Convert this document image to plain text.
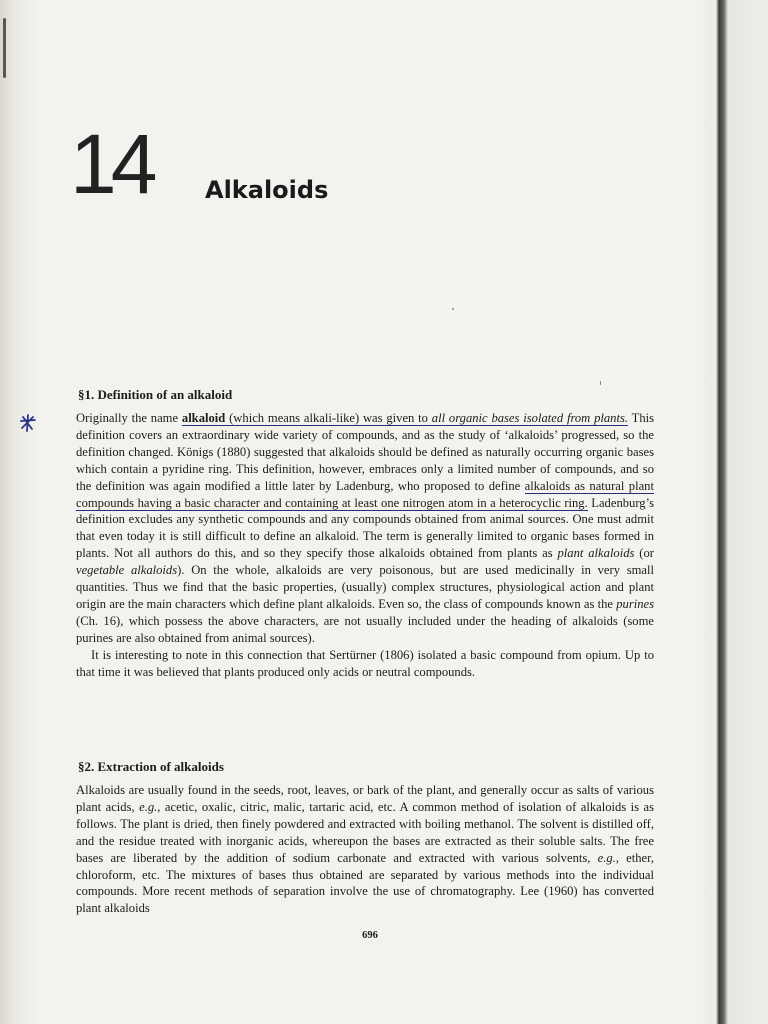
14 Alkaloids
§1. Definition of an alkaloid

Originally the name alkaloid (which means alkali-like) was given to all organic bases isolated from plants. This definition covers an extraordinary wide variety of compounds, and as the study of ‘alkaloids’ progressed, so the definition changed. Königs (1880) suggested that alkaloids should be defined as naturally occurring organic bases which contain a pyridine ring. This definition, however, embraces only a limited number of compounds, and so the definition was again modified a little later by Ladenburg, who proposed to define alkaloids as natural plant compounds having a basic character and containing at least one nitrogen atom in a heterocyclic ring. Ladenburg’s definition excludes any synthetic compounds and any compounds obtained from animal sources. One must admit that even today it is still difficult to define an alkaloid. The term is generally limited to organic bases formed in plants. Not all authors do this, and so they specify those alkaloids obtained from plants as plant alkaloids (or vegetable alkaloids). On the whole, alkaloids are very poisonous, but are used medicinally in very small quantities. Thus we find that the basic properties, (usually) complex structures, physiological action and plant origin are the main characters which define plant alkaloids. Even so, the class of compounds known as the purines (Ch. 16), which possess the above characters, are not usually included under the heading of alkaloids (some purines are also obtained from animal sources).

It is interesting to note in this connection that Sertürner (1806) isolated a basic compound from opium. Up to that time it was believed that plants produced only acids or neutral compounds.

§2. Extraction of alkaloids

Alkaloids are usually found in the seeds, root, leaves, or bark of the plant, and generally occur as salts of various plant acids, e.g., acetic, oxalic, citric, malic, tartaric acid, etc. A common method of isolation of alkaloids is as follows. The plant is dried, then finely powdered and extracted with boiling methanol. The solvent is distilled off, and the residue treated with inorganic acids, whereupon the bases are extracted as their soluble salts. The free bases are liberated by the addition of sodium carbonate and extracted with various solvents, e.g., ether, chloroform, etc. The mixtures of bases thus obtained are separated by various methods into the individual compounds. More recent methods of separation involve the use of chromatography. Lee (1960) has converted plant alkaloids

696
